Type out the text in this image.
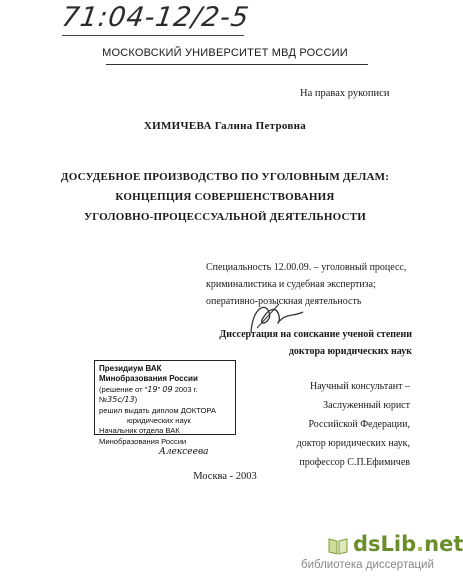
71:04-12/2-5
МОСКОВСКИЙ УНИВЕРСИТЕТ МВД РОССИИ
На правах рукописи
ХИМИЧЕВА Галина Петровна
ДОСУДЕБНОЕ ПРОИЗВОДСТВО ПО УГОЛОВНЫМ ДЕЛАМ:
КОНЦЕПЦИЯ СОВЕРШЕНСТВОВАНИЯ
УГОЛОВНО-ПРОЦЕССУАЛЬНОЙ ДЕЯТЕЛЬНОСТИ
Специальность 12.00.09. – уголовный процесс,
криминалистика и судебная экспертиза;
оперативно-розыскная деятельность
Диссертация на соискание ученой степени
доктора юридических наук
Президиум ВАК Минобразования России
(решение от "19" 09 2003 г. №35с/13)
решил выдать диплом ДОКТОРА
юридических наук
Начальник отдела ВАК Минобразования России
Алексеева
Научный консультант –
Заслуженный юрист
Российской Федерации,
доктор юридических наук,
профессор С.П.Ефимичев
Москва - 2003
dsLib.net
библиотека диссертаций
